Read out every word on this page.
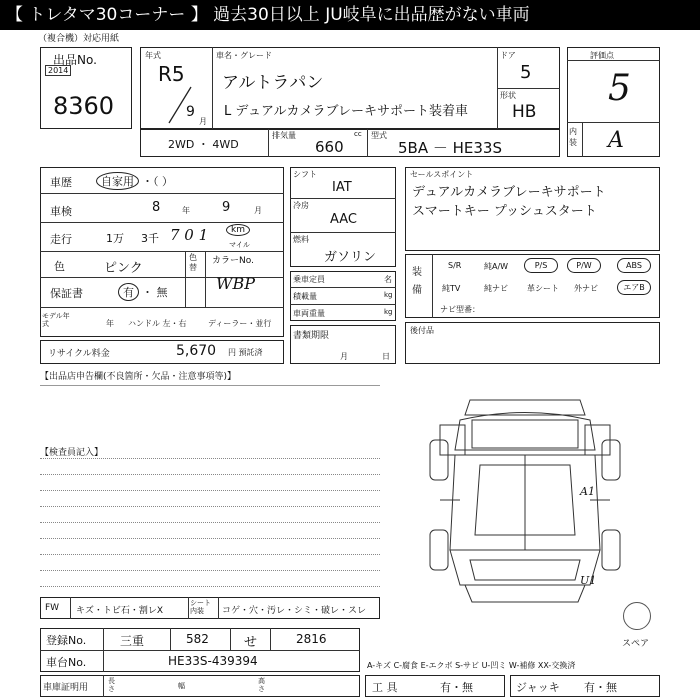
【 トレタマ30コーナー 】 過去30日以上 JU岐阜に出品歴がない車両
（複合機）対応用紙
出品No.
2014
8360
年式
R5
9
月
車名・グレード
アルトラパン
L デュアルカメラブレーキサポート装着車
ドア
5
形状
HB
評価点
5
内装 A
2WD ・ 4WD
排気量	cc
660
型式
5BA － HE33S
車歴	自家用 ・（ ）
車検	8	年 9	月
走行	1万 3千 7 0 1	km
マイル
色	ピンク
色替
カラーNo.
WBP
保証書	有 ・ 無
モデル年式	年 ハンドル 左・右	ディーラー・並行
リサイクル料金	5,670 円 預託済
シフト
IAT
冷房
AAC
燃料
ガソリン
乗車定員	名
積載量	kg
車両重量	kg
書類期限
月	日
セールスポイント
デュアルカメラブレーキサポート
スマートキー プッシュスタート
装備
S/R	純A/W	P/S	P/W	ABS
純TV	純ナビ 革シート 外ナビ	エアB
ナビ型番：
後付品
【出品店申告欄(不良箇所・欠品・注意事項等)】
【検査員記入】
A1
U1
スペア
FW キズ・トビ石・割レX
シート内装	コゲ・穴・汚レ・シミ・破レ・スレ
登録No.	三重	582	せ	2816
車台No.	HE33S-439394	A-キズ C-腐食 E-エクボ S-サビ U-凹ミ W-補修 XX-交換済
車庫証明用
長さ	幅
高さ	工 具	有・無	ジャッキ 有・無
